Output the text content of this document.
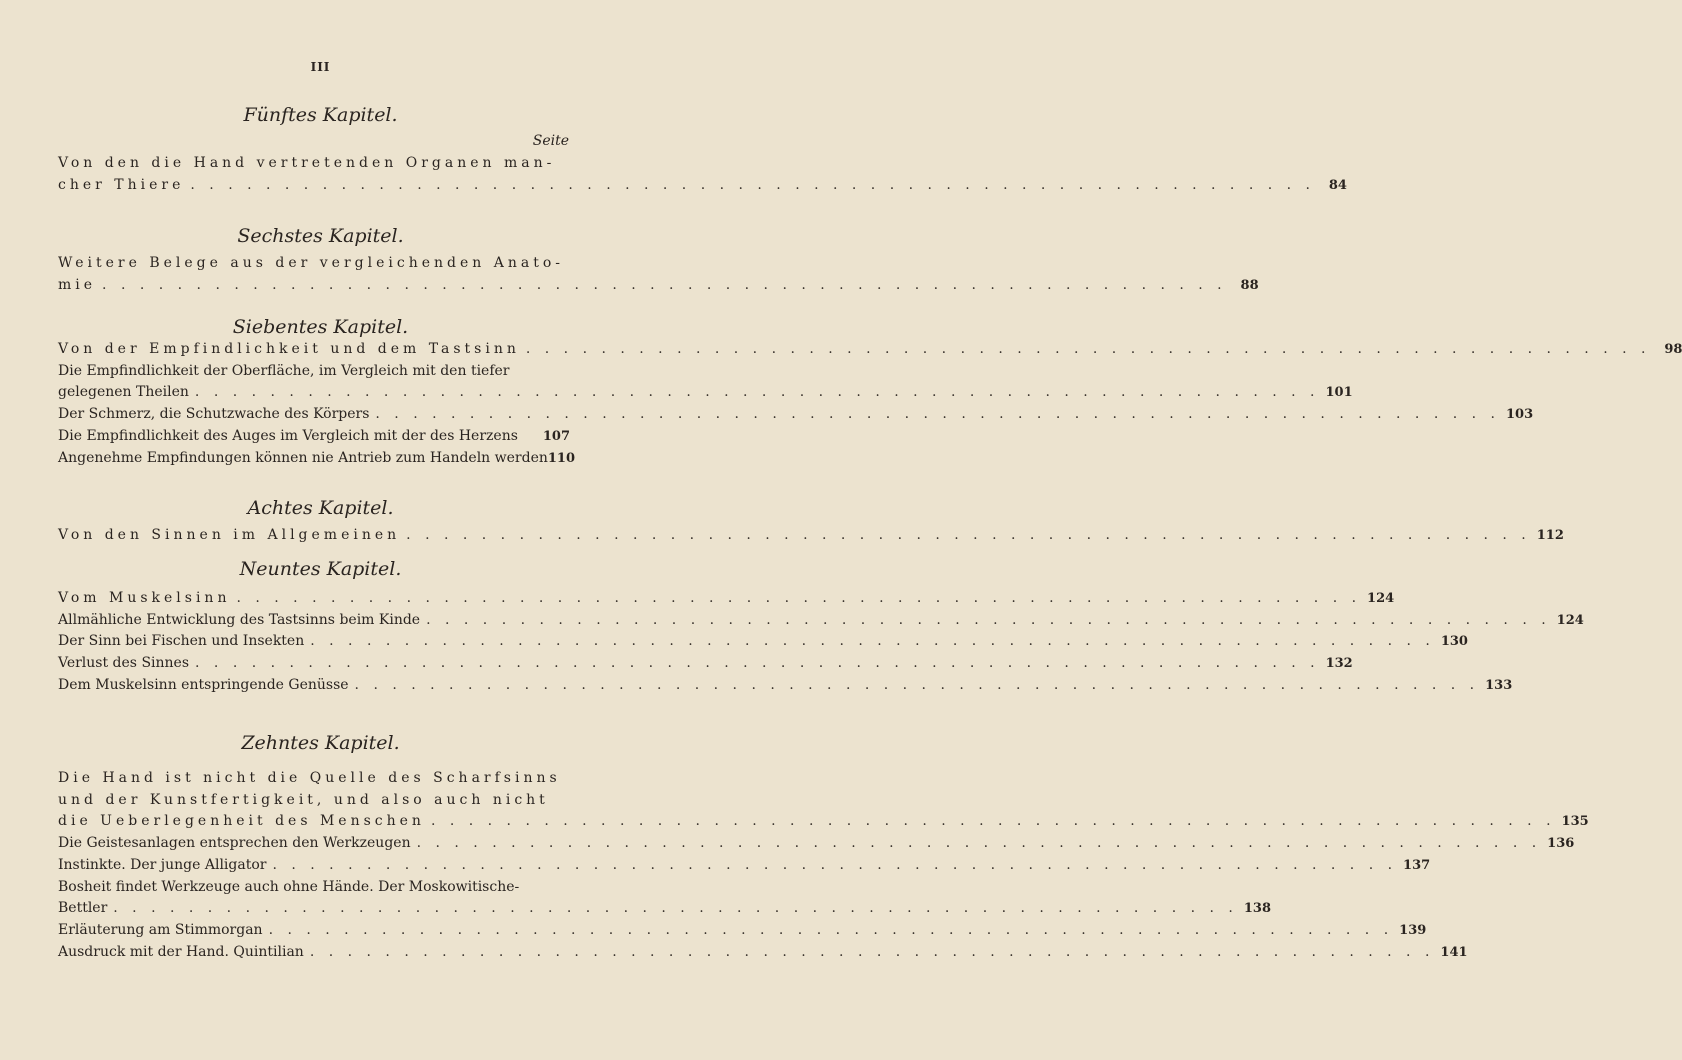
III
Seite
Fünftes Kapitel.
Von den die Hand vertretenden Organen man-
cher Thiere . . . . . . . . . . . . . . . . . . . . . . . . . . . . . . . . . . . . . . . . . . . . . . . . . . . . . . . . . . . .	84
Sechstes Kapitel.
Weitere Belege aus der vergleichenden Anato-
mie . . . . . . . . . . . . . . . . . . . . . . . . . . . . . . . . . . . . . . . . . . . . . . . . . . . . . . . . . . . .	88
Siebentes Kapitel.
Von der Empfindlichkeit und dem Tastsinn . . . . . . . . . . . . . . . . . . . . . . . . . . . . . . . . . . . . . . . . . . . . . . . . . . . . . . . . . . . .	98
Die Empfindlichkeit der Oberfläche, im Vergleich mit den tiefer
gelegenen Theilen . . . . . . . . . . . . . . . . . . . . . . . . . . . . . . . . . . . . . . . . . . . . . . . . . . . . . . . . . . . . 101
Der Schmerz, die Schutzwache des Körpers . . . . . . . . . . . . . . . . . . . . . . . . . . . . . . . . . . . . . . . . . . . . . . . . . . . . . . . . . . . . 103
Die Empfindlichkeit des Auges im Vergleich mit der des Herzens 107
Angenehme Empfindungen können nie Antrieb zum Handeln werden 110
Achtes Kapitel.
Von den Sinnen im Allgemeinen . . . . . . . . . . . . . . . . . . . . . . . . . . . . . . . . . . . . . . . . . . . . . . . . . . . . . . . . . . . . 112
Neuntes Kapitel.
Vom Muskelsinn . . . . . . . . . . . . . . . . . . . . . . . . . . . . . . . . . . . . . . . . . . . . . . . . . . . . . . . . . . . . 124
Allmähliche Entwicklung des Tastsinns beim Kinde . . . . . . . . . . . . . . . . . . . . . . . . . . . . . . . . . . . . . . . . . . . . . . . . . . . . . . . . . . . . 124
Der Sinn bei Fischen und Insekten . . . . . . . . . . . . . . . . . . . . . . . . . . . . . . . . . . . . . . . . . . . . . . . . . . . . . . . . . . . . 130
Verlust des Sinnes . . . . . . . . . . . . . . . . . . . . . . . . . . . . . . . . . . . . . . . . . . . . . . . . . . . . . . . . . . . . 132
Dem Muskelsinn entspringende Genüsse . . . . . . . . . . . . . . . . . . . . . . . . . . . . . . . . . . . . . . . . . . . . . . . . . . . . . . . . . . . . 133
Zehntes Kapitel.
Die Hand ist nicht die Quelle des Scharfsinns
und der Kunstfertigkeit, und also auch nicht
die Ueberlegenheit des Menschen . . . . . . . . . . . . . . . . . . . . . . . . . . . . . . . . . . . . . . . . . . . . . . . . . . . . . . . . . . . . 135
Die Geistesanlagen entsprechen den Werkzeugen . . . . . . . . . . . . . . . . . . . . . . . . . . . . . . . . . . . . . . . . . . . . . . . . . . . . . . . . . . . . 136
Instinkte. Der junge Alligator . . . . . . . . . . . . . . . . . . . . . . . . . . . . . . . . . . . . . . . . . . . . . . . . . . . . . . . . . . . . 137
Bosheit findet Werkzeuge auch ohne Hände. Der Moskowitische-
Bettler . . . . . . . . . . . . . . . . . . . . . . . . . . . . . . . . . . . . . . . . . . . . . . . . . . . . . . . . . . . . 138
Erläuterung am Stimmorgan . . . . . . . . . . . . . . . . . . . . . . . . . . . . . . . . . . . . . . . . . . . . . . . . . . . . . . . . . . . . 139
Ausdruck mit der Hand. Quintilian . . . . . . . . . . . . . . . . . . . . . . . . . . . . . . . . . . . . . . . . . . . . . . . . . . . . . . . . . . . . 141
